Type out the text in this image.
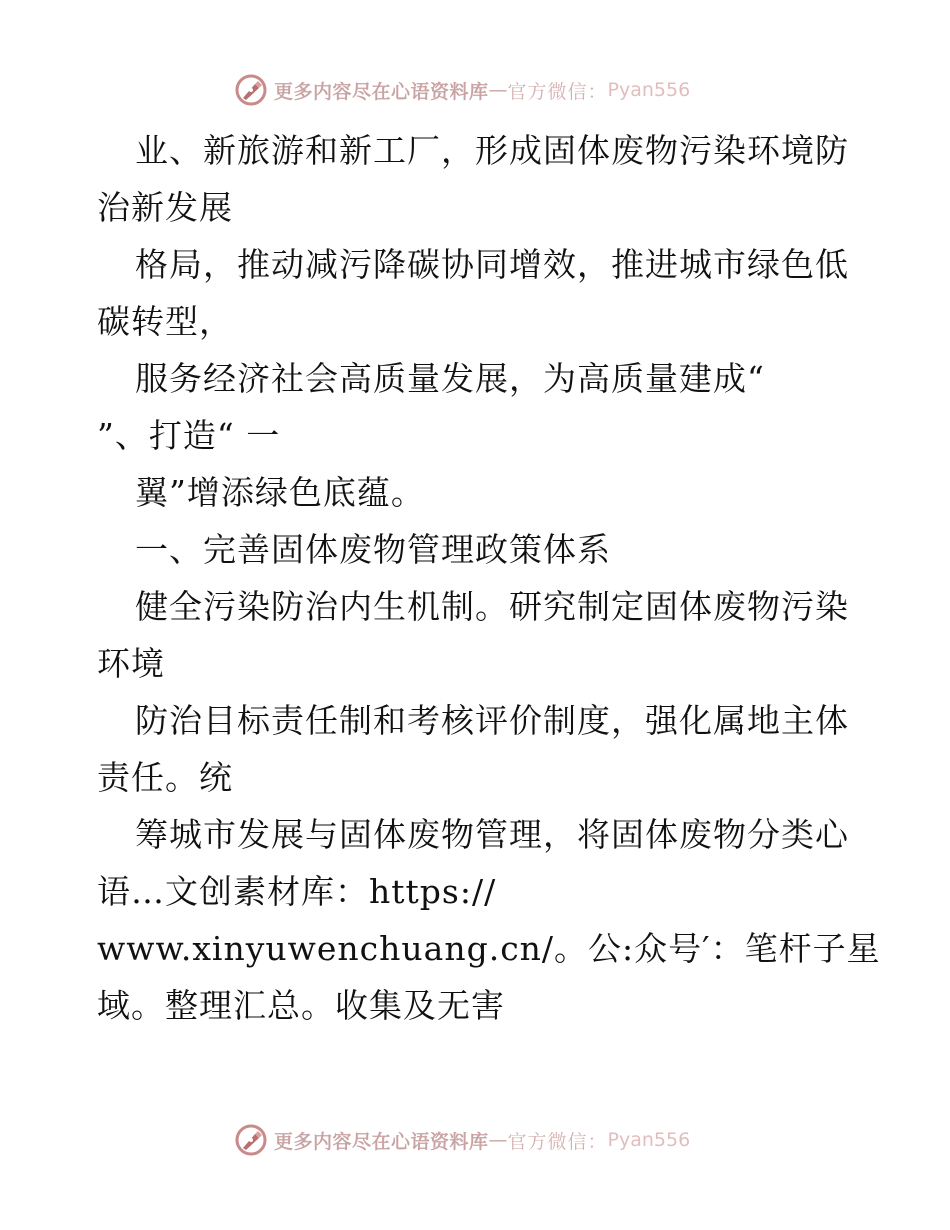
更多内容尽在心语资料库 — 官方微信： Pyan556
业、新旅游和新工厂，形成固体废物污染环境防
治新发展
格局，推动减污降碳协同增效，推进城市绿色低
碳转型，
服务经济社会高质量发展，为高质量建成“
”、打造“ 一
翼”增添绿色底蕴。
一、完善固体废物管理政策体系
健全污染防治内生机制。研究制定固体废物污染
环境
防治目标责任制和考核评价制度，强化属地主体
责任。统
筹城市发展与固体废物管理，将固体废物分类心
语…文创素材库：https://
www.xinyuwenchuang.cn/。公:众号′：笔杆子星
域。整理汇总。收集及无害
更多内容尽在心语资料库 — 官方微信： Pyan556
